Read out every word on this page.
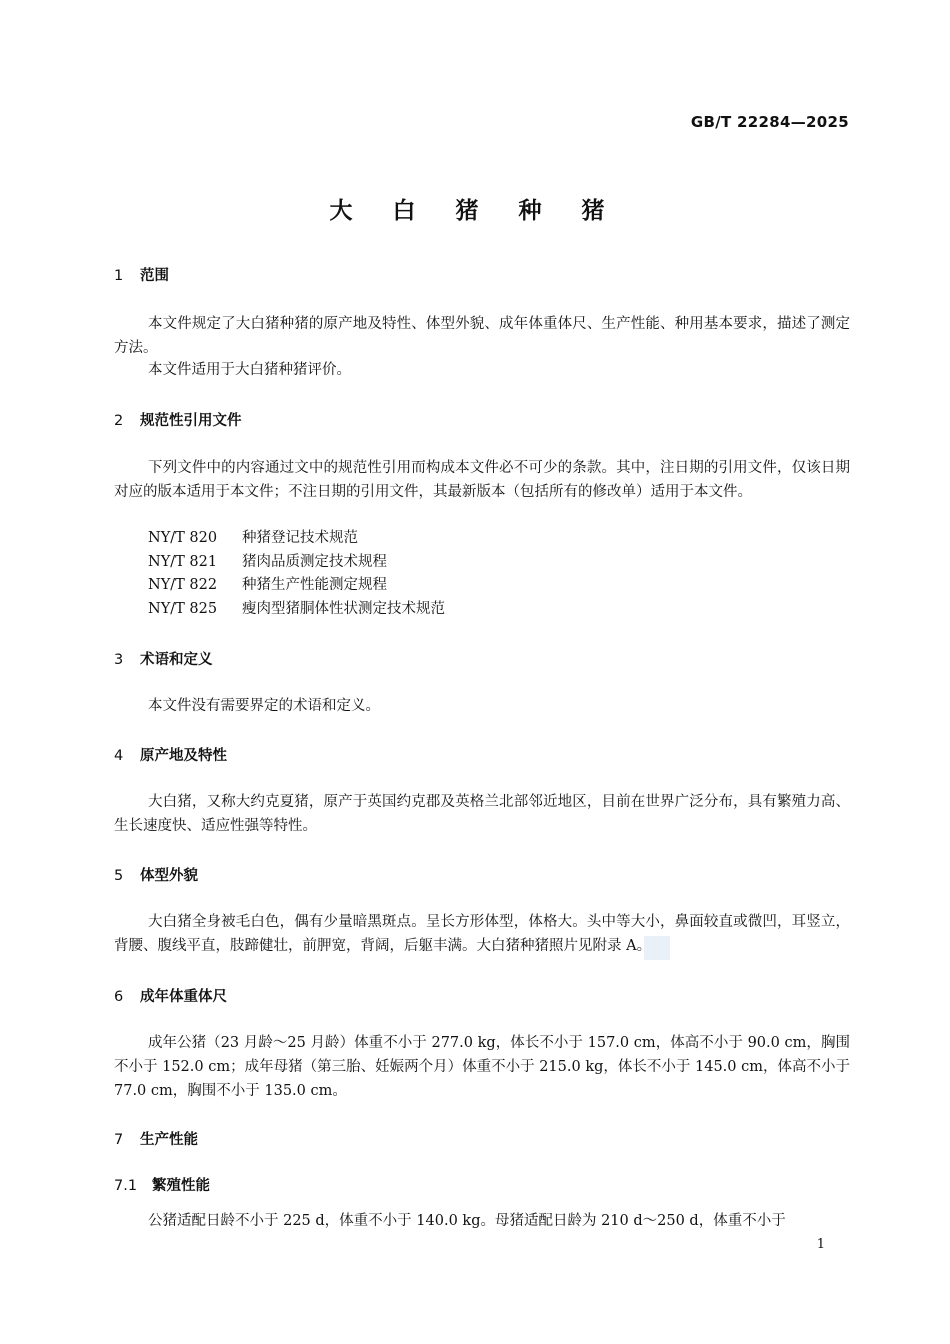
GB/T 22284—2025
大 白 猪 种 猪
1 范围
本文件规定了大白猪种猪的原产地及特性、体型外貌、成年体重体尺、生产性能、种用基本要求，描述了测定方法。
本文件适用于大白猪种猪评价。
2 规范性引用文件
下列文件中的内容通过文中的规范性引用而构成本文件必不可少的条款。其中，注日期的引用文件，仅该日期对应的版本适用于本文件；不注日期的引用文件，其最新版本（包括所有的修改单）适用于本文件。
NY/T 820 种猪登记技术规范
NY/T 821 猪肉品质测定技术规程
NY/T 822 种猪生产性能测定规程
NY/T 825 瘦肉型猪胴体性状测定技术规范
3 术语和定义
本文件没有需要界定的术语和定义。
4 原产地及特性
大白猪，又称大约克夏猪，原产于英国约克郡及英格兰北部邻近地区，目前在世界广泛分布，具有繁殖力高、生长速度快、适应性强等特性。
5 体型外貌
大白猪全身被毛白色，偶有少量暗黑斑点。呈长方形体型，体格大。头中等大小，鼻面较直或微凹，耳竖立，背腰、腹线平直，肢蹄健壮，前胛宽，背阔，后躯丰满。大白猪种猪照片见附录 A。
6 成年体重体尺
成年公猪（23 月龄～25 月龄）体重不小于 277.0 kg，体长不小于 157.0 cm，体高不小于 90.0 cm，胸围不小于 152.0 cm；成年母猪（第三胎、妊娠两个月）体重不小于 215.0 kg，体长不小于 145.0 cm，体高不小于 77.0 cm，胸围不小于 135.0 cm。
7 生产性能
7.1 繁殖性能
公猪适配日龄不小于 225 d，体重不小于 140.0 kg。母猪适配日龄为 210 d～250 d，体重不小于
1
